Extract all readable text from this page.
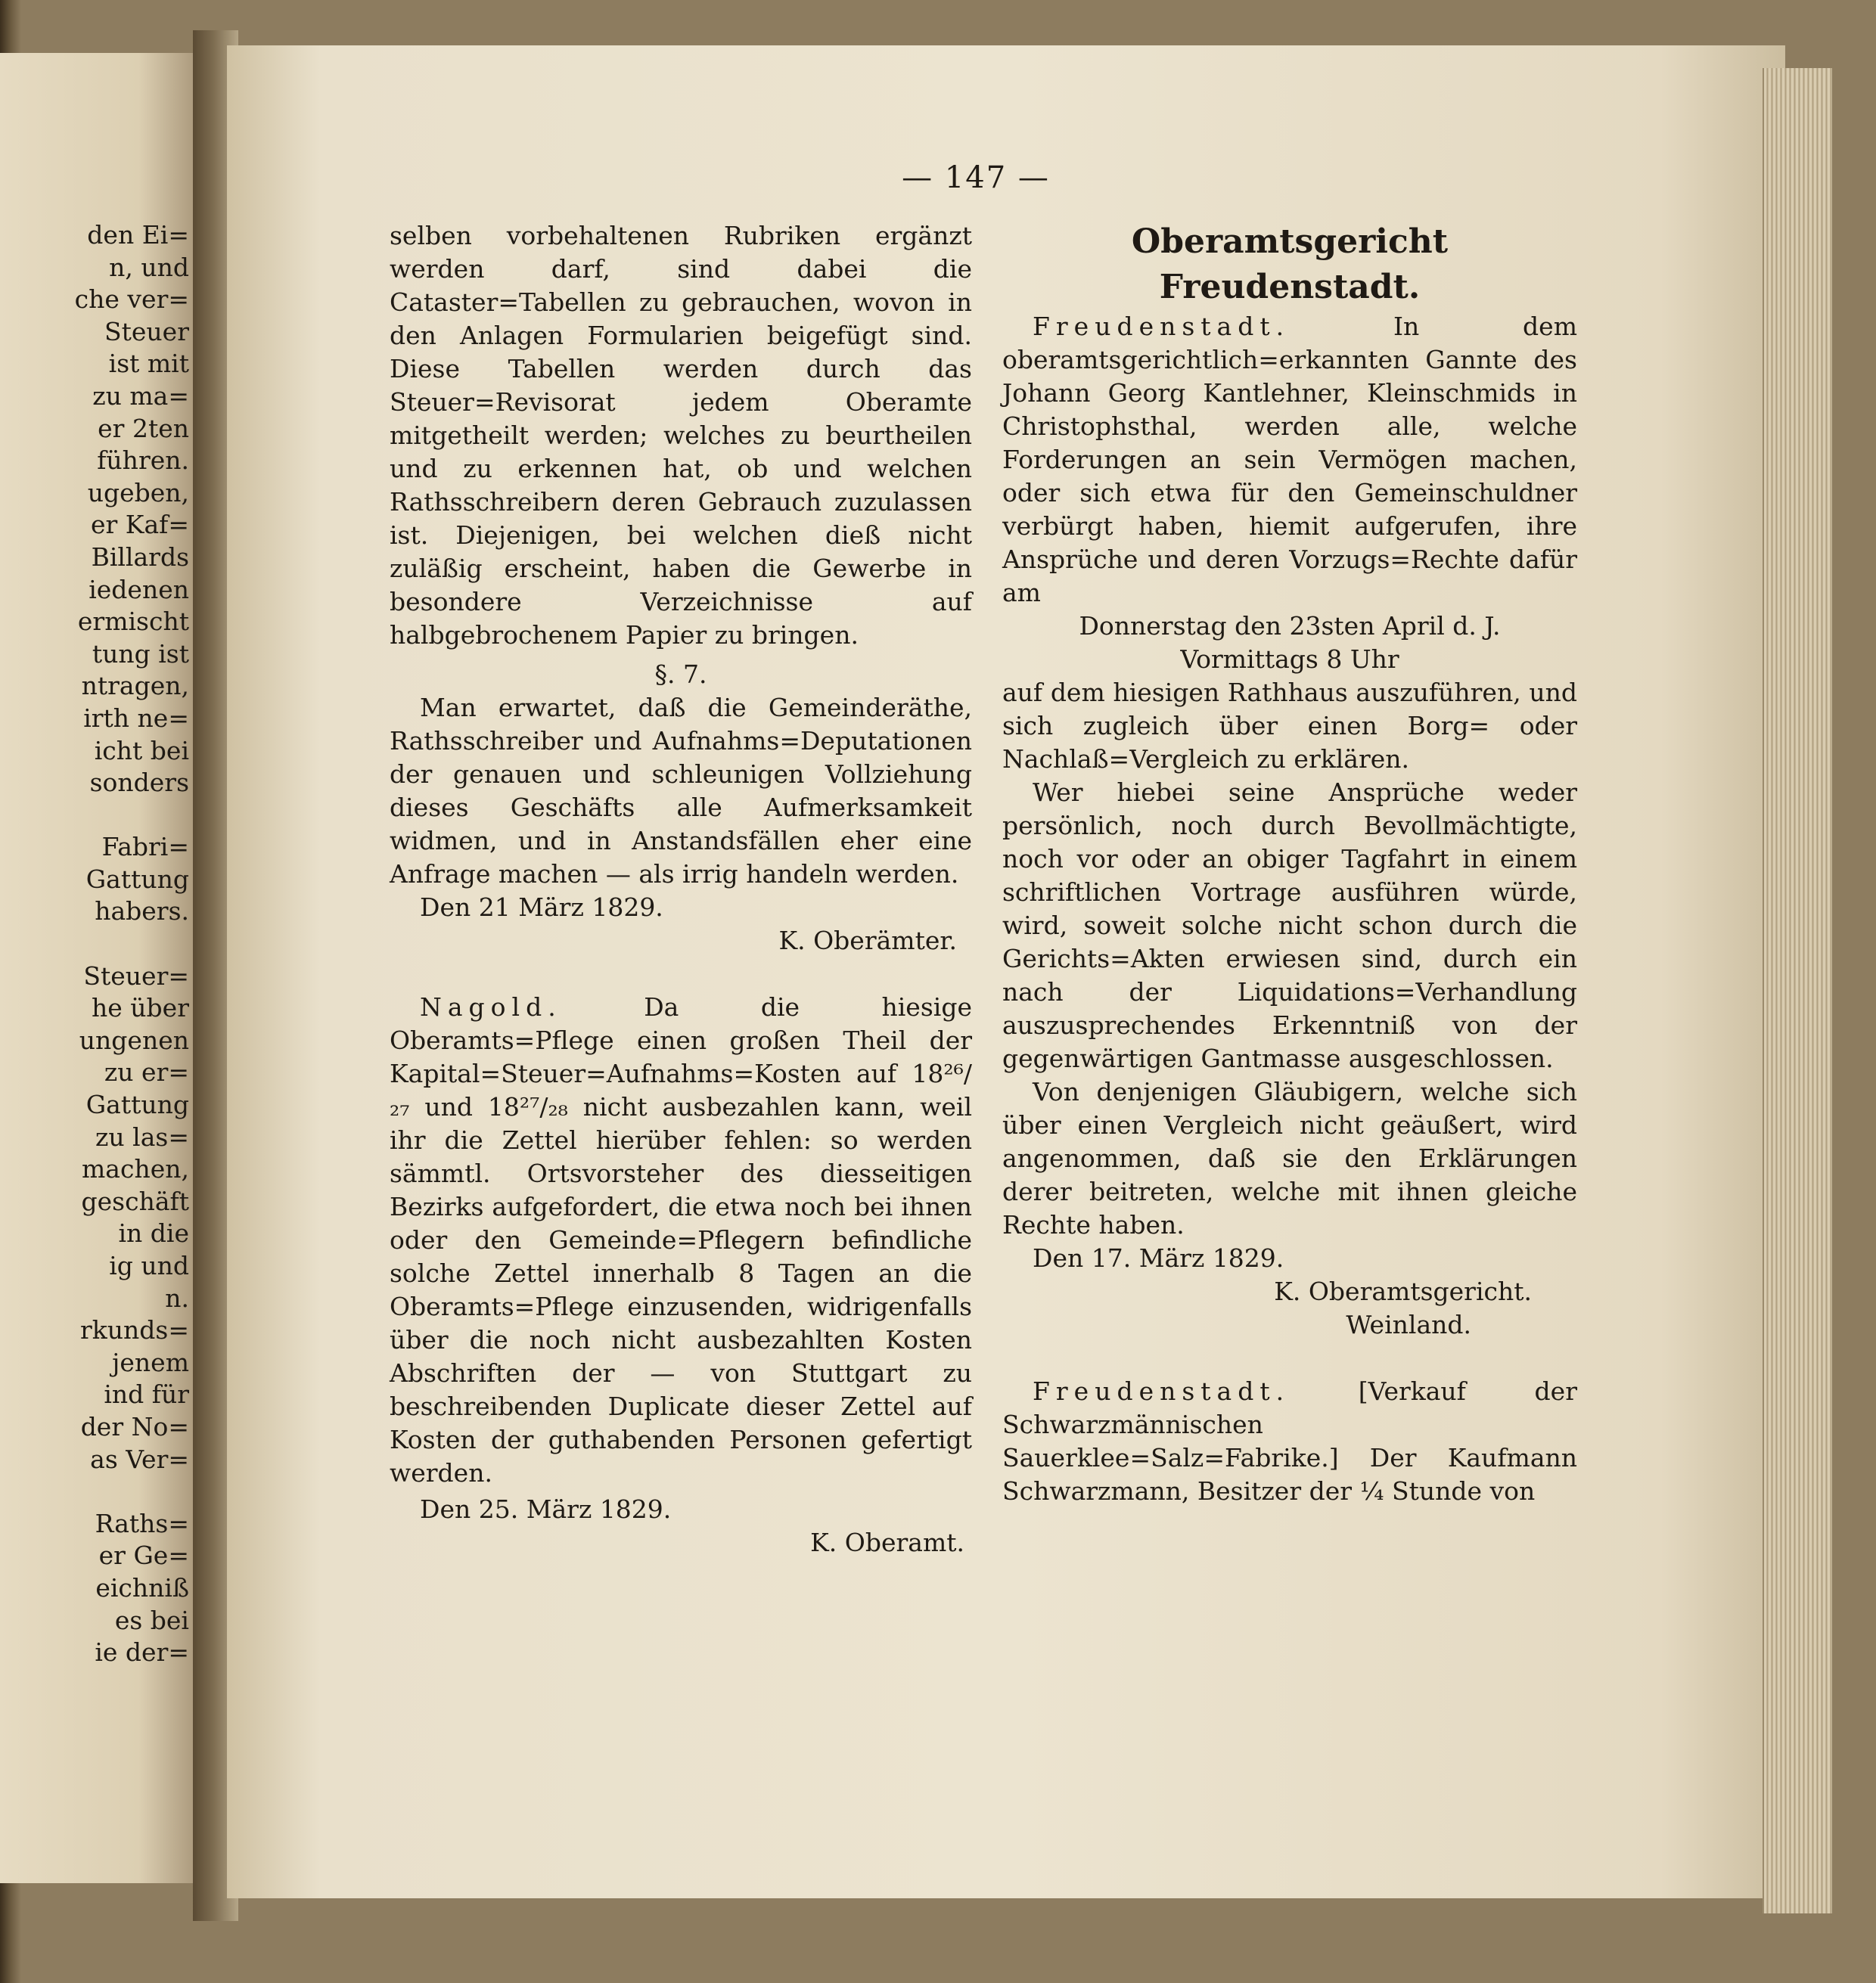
den Ei=
n, und
che ver=
Steuer
ist mit
zu ma=
er 2ten
führen.
ugeben,
er Kaf=
Billards
iedenen
ermischt
tung ist
ntragen,
irth ne=
icht bei
sonders
Fabri=
Gattung
habers.
Steuer=
he über
ungenen
zu er=
Gattung
zu las=
machen,
geschäft
in die
ig und
n.
rkunds=
jenem
ind für
der No=
as Ver=
Raths=
er Ge=
eichniß
es bei
ie der=
— 147 —

selben vorbehaltenen Rubriken ergänzt werden darf, sind dabei die Cataster=Tabellen zu gebrauchen, wovon in den Anlagen Formularien beigefügt sind. Diese Tabellen werden durch das Steuer=Revisorat jedem Oberamte mitgetheilt werden; welches zu beurtheilen und zu erkennen hat, ob und welchen Rathsschreibern deren Gebrauch zuzulassen ist. Diejenigen, bei welchen dieß nicht zuläßig erscheint, haben die Gewerbe in besondere Verzeichnisse auf halbgebrochenem Papier zu bringen.

§. 7.

Man erwartet, daß die Gemeinderäthe, Rathsschreiber und Aufnahms=Deputationen der genauen und schleunigen Vollziehung dieses Geschäfts alle Aufmerksamkeit widmen, und in Anstandsfällen eher eine Anfrage machen — als irrig handeln werden.

Den 21 März 1829.

K. Oberämter.

Nagold.	Da die hiesige Oberamts=Pflege einen großen Theil der Kapital=Steuer=Aufnahms=Kosten auf 18²⁶/₂₇ und 18²⁷/₂₈ nicht ausbezahlen kann, weil ihr die Zettel hierüber fehlen: so werden sämmtl. Ortsvorsteher des diesseitigen Bezirks aufgefordert, die etwa noch bei ihnen oder den Gemeinde=Pflegern befindliche solche Zettel innerhalb 8 Tagen an die Oberamts=Pflege einzusenden, widrigenfalls über die noch nicht ausbezahlten Kosten Abschriften der — von Stuttgart zu beschreibenden Duplicate dieser Zettel auf Kosten der guthabenden Personen gefertigt werden.

Den 25. März 1829.

K. Oberamt.

Oberamtsgericht Freudenstadt.

Freudenstadt.	In dem oberamtsgerichtlich=erkannten Gannte des Johann Georg Kantlehner, Kleinschmids in Christophsthal, werden alle, welche Forderungen an sein Vermögen machen, oder sich etwa für den Gemeinschuldner verbürgt haben, hiemit aufgerufen, ihre Ansprüche und deren Vorzugs=Rechte dafür am

Donnerstag den 23sten April d. J.

Vormittags 8 Uhr

auf dem hiesigen Rathhaus auszuführen, und sich zugleich über einen Borg= oder Nachlaß=Vergleich zu erklären.

Wer hiebei seine Ansprüche weder persönlich, noch durch Bevollmächtigte, noch vor oder an obiger Tagfahrt in einem schriftlichen Vortrage ausführen würde, wird, soweit solche nicht schon durch die Gerichts=Akten erwiesen sind, durch ein nach der Liquidations=Verhandlung auszusprechendes Erkenntniß von der gegenwärtigen Gantmasse ausgeschlossen.

Von denjenigen Gläubigern, welche sich über einen Vergleich nicht geäußert, wird angenommen, daß sie den Erklärungen derer beitreten, welche mit ihnen gleiche Rechte haben.

Den 17. März 1829.

K. Oberamtsgericht.

Weinland.

Freudenstadt.	[Verkauf der Schwarzmännischen Sauerklee=Salz=Fabrike.] Der Kaufmann Schwarzmann, Besitzer der ¼ Stunde von
